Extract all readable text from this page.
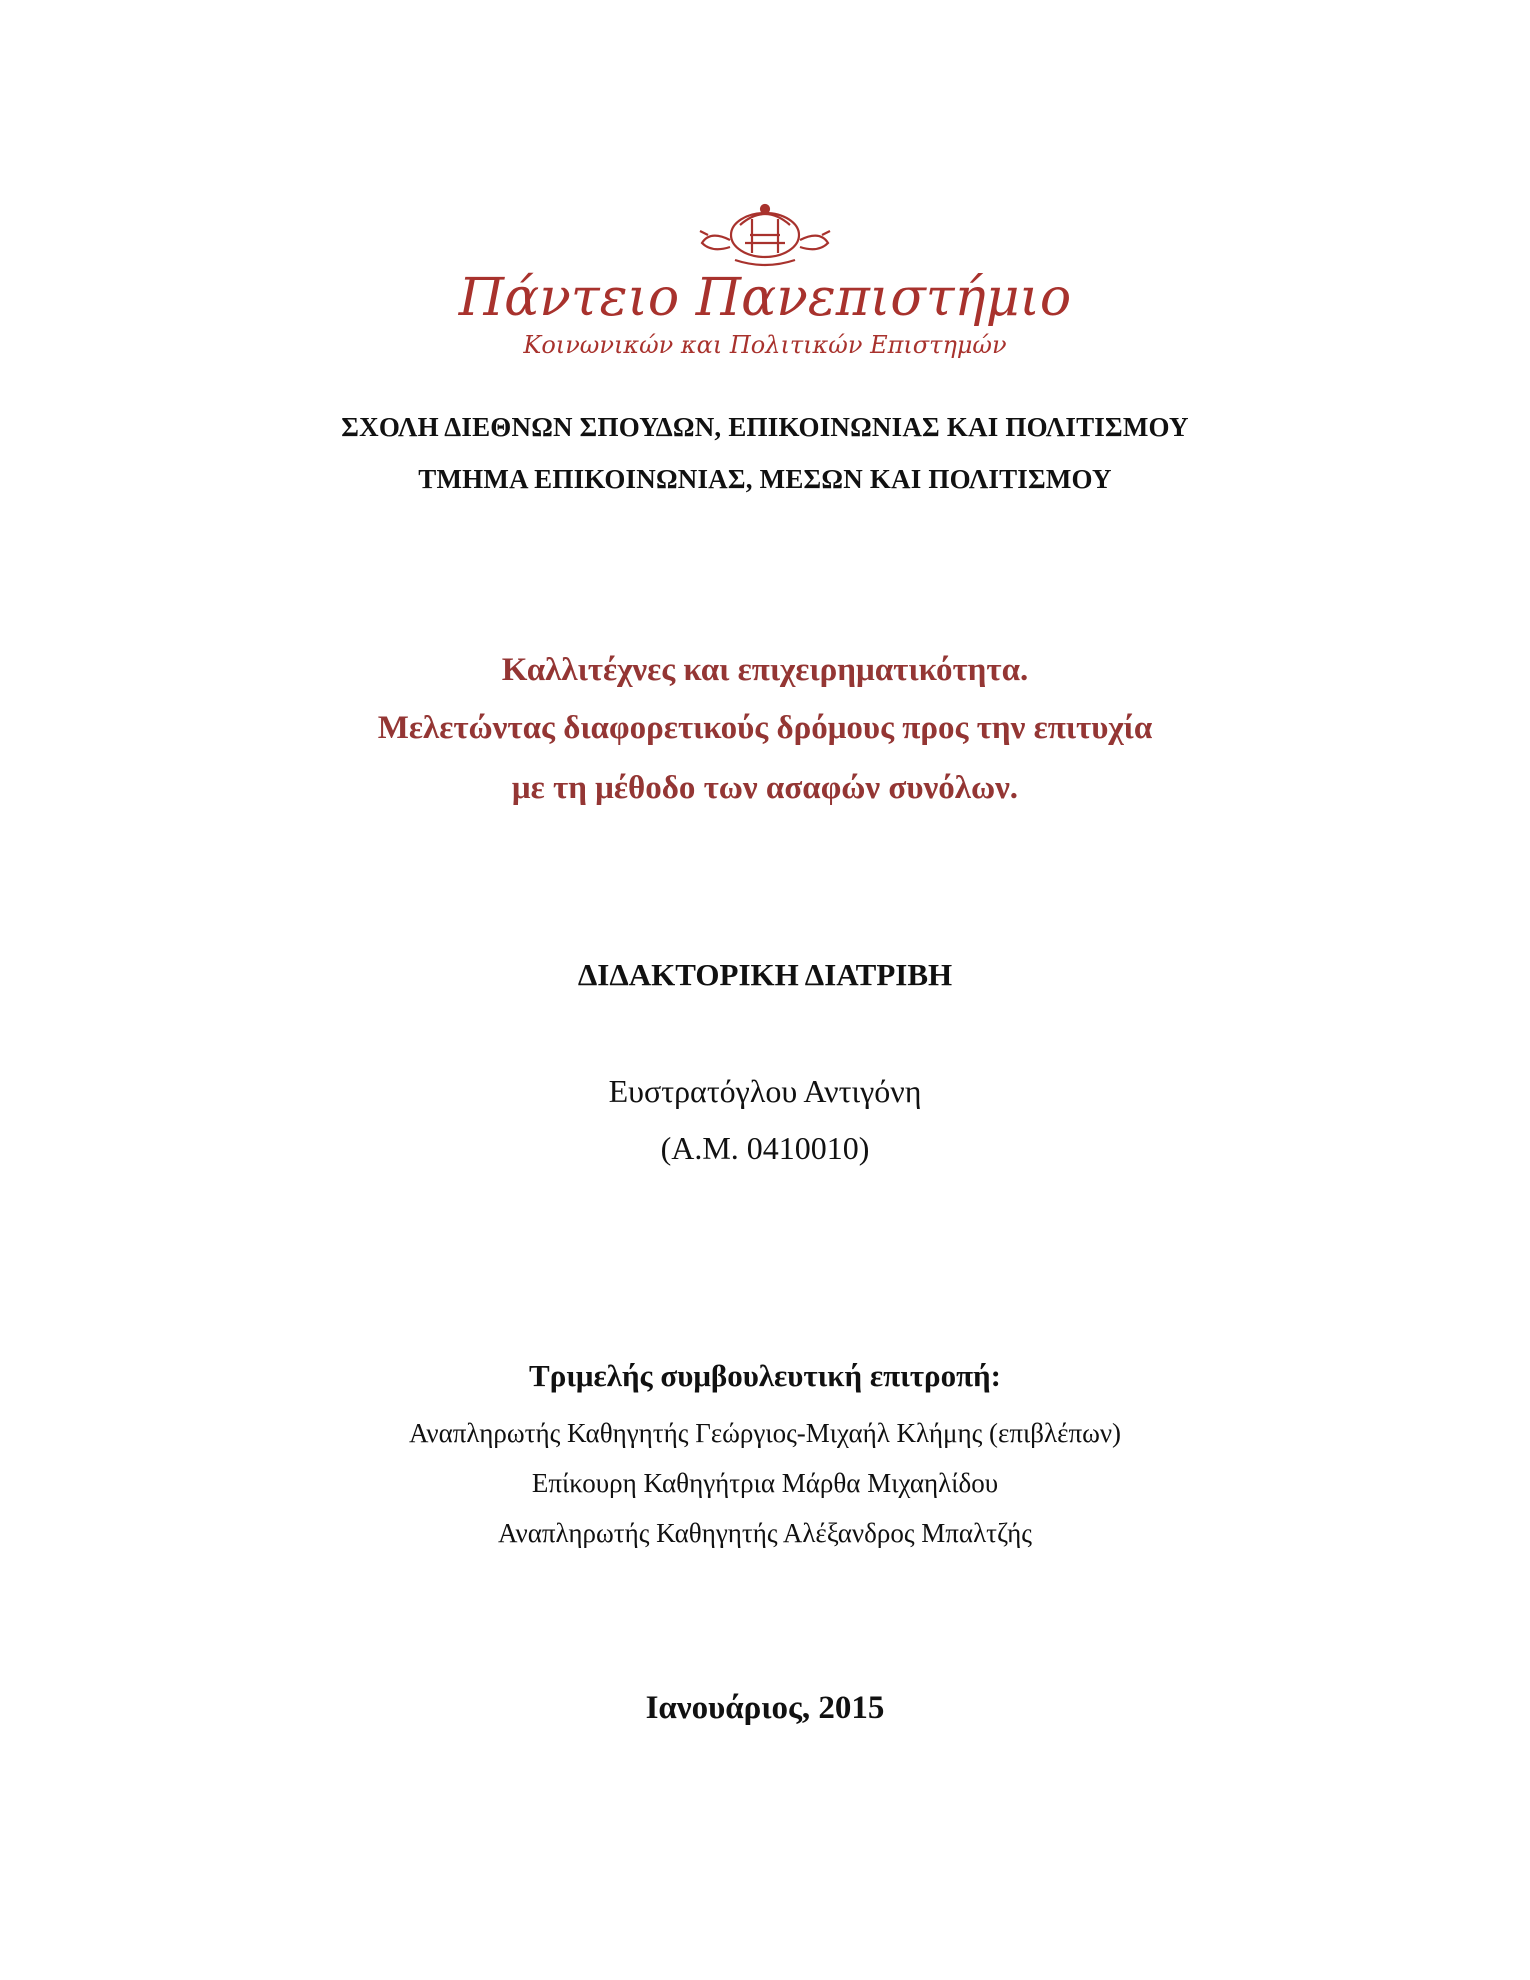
Πάντειο Πανεπιστήμιο
Κοινωνικών και Πολιτικών Επιστημών
ΣΧΟΛΗ ΔΙΕΘΝΩΝ ΣΠΟΥΔΩΝ, ΕΠΙΚΟΙΝΩΝΙΑΣ ΚΑΙ ΠΟΛΙΤΙΣΜΟΥ
ΤΜΗΜΑ ΕΠΙΚΟΙΝΩΝΙΑΣ, ΜΕΣΩΝ ΚΑΙ ΠΟΛΙΤΙΣΜΟΥ
Καλλιτέχνες και επιχειρηματικότητα.
Μελετώντας διαφορετικούς δρόμους προς την επιτυχία
με τη μέθοδο των ασαφών συνόλων.
ΔΙΔΑΚΤΟΡΙΚΗ ΔΙΑΤΡΙΒΗ
Ευστρατόγλου Αντιγόνη
(Α.Μ. 0410010)
Τριμελής συμβουλευτική επιτροπή:
Αναπληρωτής Καθηγητής Γεώργιος-Μιχαήλ Κλήμης (επιβλέπων)
Επίκουρη Καθηγήτρια Μάρθα Μιχαηλίδου
Αναπληρωτής Καθηγητής Αλέξανδρος Μπαλτζής
Ιανουάριος, 2015
